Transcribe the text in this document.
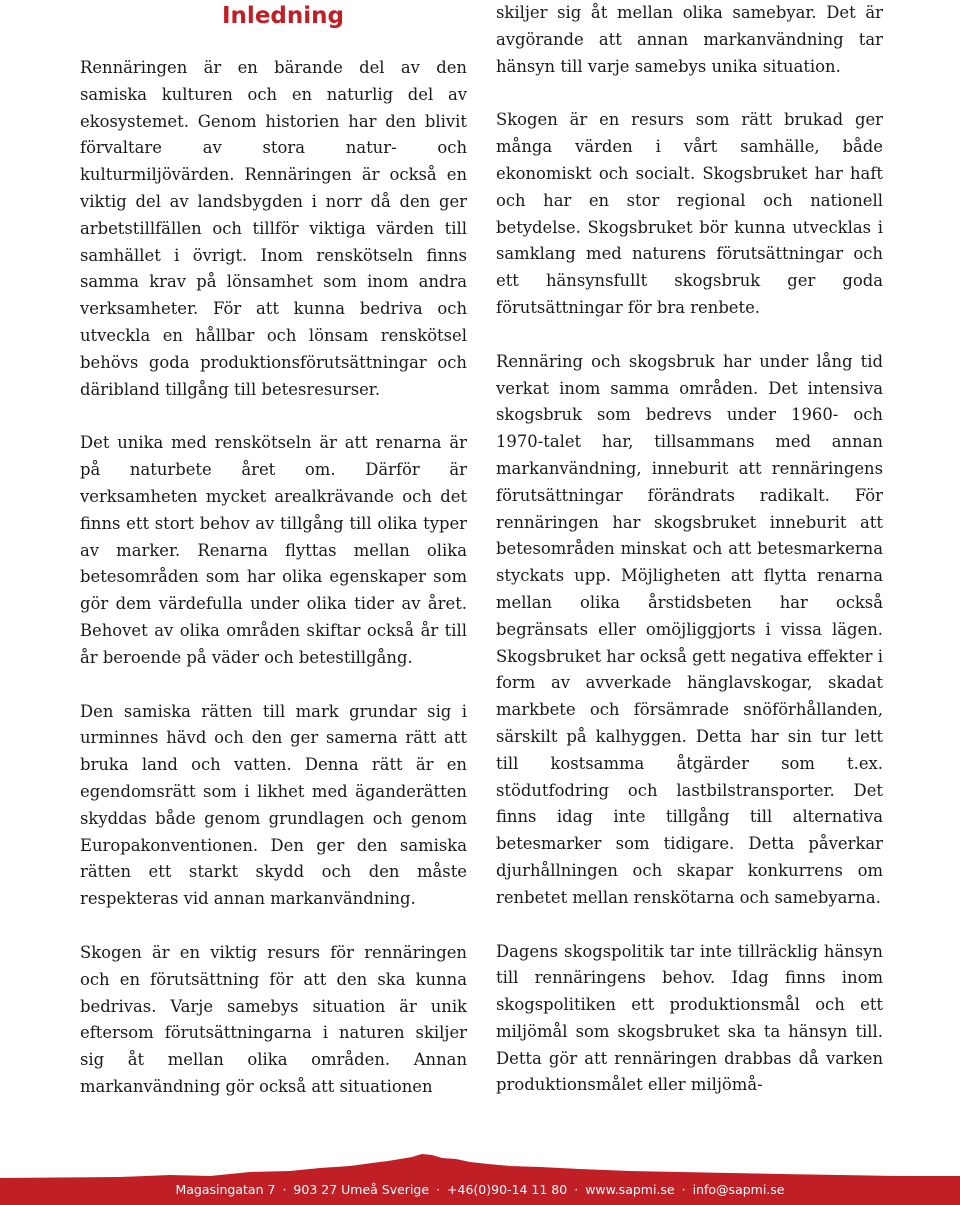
Inledning

Rennäringen är en bärande del av den samiska kulturen och en naturlig del av ekosystemet. Genom historien har den blivit förvaltare av stora natur- och kulturmiljövärden. Rennäringen är också en viktig del av landsbygden i norr då den ger arbetstillfällen och tillför viktiga värden till samhället i övrigt. Inom renskötseln finns samma krav på lönsamhet som inom andra verksamheter. För att kunna bedriva och utveckla en hållbar och lönsam renskötsel behövs goda produktionsförutsättningar och däribland tillgång till betesresurser.

Det unika med renskötseln är att renarna är på naturbete året om. Därför är verksamheten mycket arealkrävande och det finns ett stort behov av tillgång till olika typer av marker. Renarna flyttas mellan olika betesområden som har olika egenskaper som gör dem värdefulla under olika tider av året. Behovet av olika områden skiftar också år till år beroende på väder och betestillgång.

Den samiska rätten till mark grundar sig i urminnes hävd och den ger samerna rätt att bruka land och vatten. Denna rätt är en egendomsrätt som i likhet med äganderätten skyddas både genom grundlagen och genom Europakonventionen. Den ger den samiska rätten ett starkt skydd och den måste respekteras vid annan markanvändning.

Skogen är en viktig resurs för rennäringen och en förutsättning för att den ska kunna bedrivas. Varje samebys situation är unik eftersom förutsättningarna i naturen skiljer sig åt mellan olika områden. Annan markanvändning gör också att situationen

skiljer sig åt mellan olika samebyar. Det är avgörande att annan markanvändning tar hänsyn till varje samebys unika situation.

Skogen är en resurs som rätt brukad ger många värden i vårt samhälle, både ekonomiskt och socialt. Skogsbruket har haft och har en stor regional och nationell betydelse. Skogsbruket bör kunna utvecklas i samklang med naturens förutsättningar och ett hänsynsfullt skogsbruk ger goda förutsättningar för bra renbete.

Rennäring och skogsbruk har under lång tid verkat inom samma områden. Det intensiva skogsbruk som bedrevs under 1960- och 1970-talet har, tillsammans med annan markanvändning, inneburit att rennäringens förutsättningar förändrats radikalt. För rennäringen har skogsbruket inneburit att betesområden minskat och att betesmarkerna styckats upp. Möjligheten att flytta renarna mellan olika årstidsbeten har också begränsats eller omöjliggjorts i vissa lägen. Skogsbruket har också gett negativa effekter i form av avverkade hänglavskogar, skadat markbete och försämrade snöförhållanden, särskilt på kalhyggen. Detta har sin tur lett till kostsamma åtgärder som t.ex. stödutfodring och lastbilstransporter. Det finns idag inte tillgång till alternativa betesmarker som tidigare. Detta påverkar djurhållningen och skapar konkurrens om renbetet mellan renskötarna och samebyarna.

Dagens skogspolitik tar inte tillräcklig hänsyn till rennäringens behov. Idag finns inom skogspolitiken ett produktionsmål och ett miljömål som skogsbruket ska ta hänsyn till. Detta gör att rennäringen drabbas då varken produktionsmålet eller miljömå-

Magasingatan 7 · 903 27 Umeå Sverige · +46(0)90-14 11 80 · www.sapmi.se · info@sapmi.se
